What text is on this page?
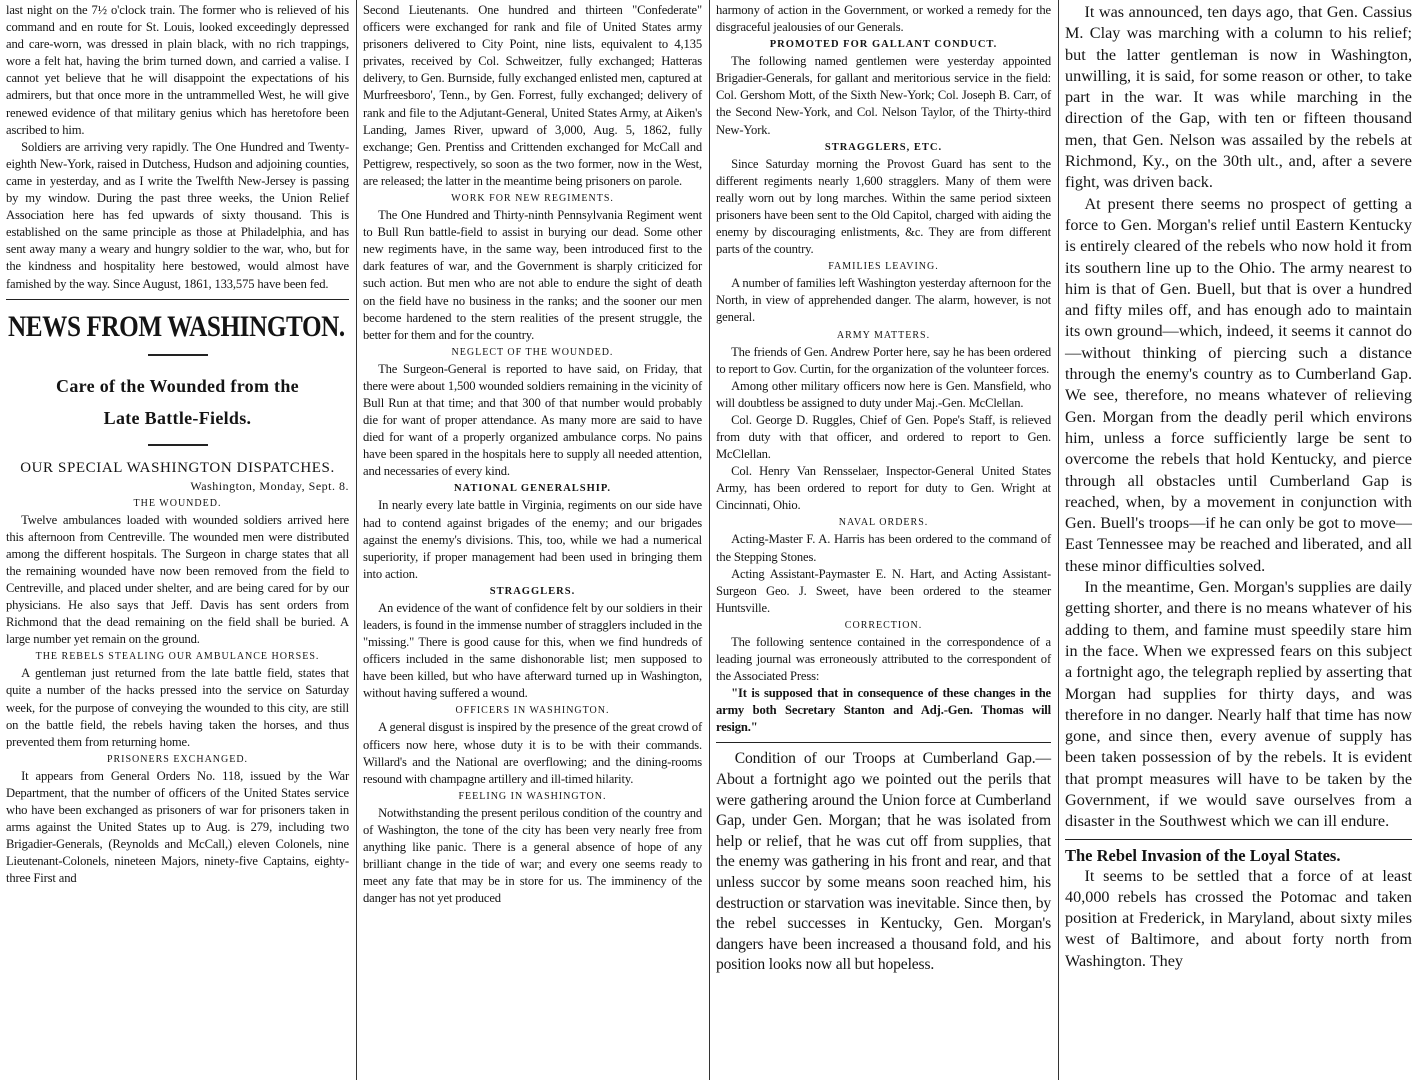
last night on the 7½ o'clock train. The former who is relieved of his command and en route for St. Louis, looked exceedingly depressed and care-worn, was dressed in plain black, with no rich trappings, wore a felt hat, having the brim turned down, and carried a valise. I cannot yet believe that he will disappoint the expectations of his admirers, but that once more in the untrammelled West, he will give renewed evidence of that military genius which has heretofore been ascribed to him.

Soldiers are arriving very rapidly. The One Hundred and Twenty-eighth New-York, raised in Dutchess, Hudson and adjoining counties, came in yesterday, and as I write the Twelfth New-Jersey is passing by my window. During the past three weeks, the Union Relief Association here has fed upwards of sixty thousand. This is established on the same principle as those at Philadelphia, and has sent away many a weary and hungry soldier to the war, who, but for the kindness and hospitality here bestowed, would almost have famished by the way. Since August, 1861, 133,575 have been fed.

NEWS FROM WASHINGTON.
Care of the Wounded from the
Late Battle-Fields.
OUR SPECIAL WASHINGTON DISPATCHES.
Washington, Monday, Sept. 8.
THE WOUNDED.

Twelve ambulances loaded with wounded soldiers arrived here this afternoon from Centreville. The wounded men were distributed among the different hospitals. The Surgeon in charge states that all the remaining wounded have now been removed from the field to Centreville, and placed under shelter, and are being cared for by our physicians. He also says that Jeff. Davis has sent orders from Richmond that the dead remaining on the field shall be buried. A large number yet remain on the ground.

THE REBELS STEALING OUR AMBULANCE HORSES.

A gentleman just returned from the late battle field, states that quite a number of the hacks pressed into the service on Saturday week, for the purpose of conveying the wounded to this city, are still on the battle field, the rebels having taken the horses, and thus prevented them from returning home.

PRISONERS EXCHANGED.

It appears from General Orders No. 118, issued by the War Department, that the number of officers of the United States service who have been exchanged as prisoners of war for prisoners taken in arms against the United States up to Aug. is 279, including two Brigadier-Generals, (Reynolds and McCall,) eleven Colonels, nine Lieutenant-Colonels, nineteen Majors, ninety-five Captains, eighty-three First and

Second Lieutenants. One hundred and thirteen "Confederate" officers were exchanged for rank and file of United States army prisoners delivered to City Point, nine lists, equivalent to 4,135 privates, received by Col. Schweitzer, fully exchanged; Hatteras delivery, to Gen. Burnside, fully exchanged enlisted men, captured at Murfreesboro', Tenn., by Gen. Forrest, fully exchanged; delivery of rank and file to the Adjutant-General, United States Army, at Aiken's Landing, James River, upward of 3,000, Aug. 5, 1862, fully exchange; Gen. Prentiss and Crittenden exchanged for McCall and Pettigrew, respectively, so soon as the two former, now in the West, are released; the latter in the meantime being prisoners on parole.

WORK FOR NEW REGIMENTS.

The One Hundred and Thirty-ninth Pennsylvania Regiment went to Bull Run battle-field to assist in burying our dead. Some other new regiments have, in the same way, been introduced first to the dark features of war, and the Government is sharply criticized for such action. But men who are not able to endure the sight of death on the field have no business in the ranks; and the sooner our men become hardened to the stern realities of the present struggle, the better for them and for the country.

NEGLECT OF THE WOUNDED.

The Surgeon-General is reported to have said, on Friday, that there were about 1,500 wounded soldiers remaining in the vicinity of Bull Run at that time; and that 300 of that number would probably die for want of proper attendance. As many more are said to have died for want of a properly organized ambulance corps. No pains have been spared in the hospitals here to supply all needed attention, and necessaries of every kind.

NATIONAL GENERALSHIP.

In nearly every late battle in Virginia, regiments on our side have had to contend against brigades of the enemy; and our brigades against the enemy's divisions. This, too, while we had a numerical superiority, if proper management had been used in bringing them into action.

STRAGGLERS.

An evidence of the want of confidence felt by our soldiers in their leaders, is found in the immense number of stragglers included in the "missing." There is good cause for this, when we find hundreds of officers included in the same dishonorable list; men supposed to have been killed, but who have afterward turned up in Washington, without having suffered a wound.

OFFICERS IN WASHINGTON.

A general disgust is inspired by the presence of the great crowd of officers now here, whose duty it is to be with their commands. Willard's and the National are overflowing; and the dining-rooms resound with champagne artillery and ill-timed hilarity.

FEELING IN WASHINGTON.

Notwithstanding the present perilous condition of the country and of Washington, the tone of the city has been very nearly free from anything like panic. There is a general absence of hope of any brilliant change in the tide of war; and every one seems ready to meet any fate that may be in store for us. The imminency of the danger has not yet produced

harmony of action in the Government, or worked a remedy for the disgraceful jealousies of our Generals.

PROMOTED FOR GALLANT CONDUCT.

The following named gentlemen were yesterday appointed Brigadier-Generals, for gallant and meritorious service in the field: Col. Gershom Mott, of the Sixth New-York; Col. Joseph B. Carr, of the Second New-York, and Col. Nelson Taylor, of the Thirty-third New-York.

STRAGGLERS, ETC.

Since Saturday morning the Provost Guard has sent to the different regiments nearly 1,600 stragglers. Many of them were really worn out by long marches. Within the same period sixteen prisoners have been sent to the Old Capitol, charged with aiding the enemy by discouraging enlistments, &c. They are from different parts of the country.

FAMILIES LEAVING.

A number of families left Washington yesterday afternoon for the North, in view of apprehended danger. The alarm, however, is not general.

ARMY MATTERS.

The friends of Gen. Andrew Porter here, say he has been ordered to report to Gov. Curtin, for the organization of the volunteer forces.

Among other military officers now here is Gen. Mansfield, who will doubtless be assigned to duty under Maj.-Gen. McClellan.

Col. George D. Ruggles, Chief of Gen. Pope's Staff, is relieved from duty with that officer, and ordered to report to Gen. McClellan.

Col. Henry Van Rensselaer, Inspector-General United States Army, has been ordered to report for duty to Gen. Wright at Cincinnati, Ohio.

NAVAL ORDERS.

Acting-Master F. A. Harris has been ordered to the command of the Stepping Stones.

Acting Assistant-Paymaster E. N. Hart, and Acting Assistant-Surgeon Geo. J. Sweet, have been ordered to the steamer Huntsville.

CORRECTION.

The following sentence contained in the correspondence of a leading journal was erroneously attributed to the correspondent of the Associated Press:

"It is supposed that in consequence of these changes in the army both Secretary Stanton and Adj.-Gen. Thomas will resign."

Condition of our Troops at Cumberland Gap.—About a fortnight ago we pointed out the perils that were gathering around the Union force at Cumberland Gap, under Gen. Morgan; that he was isolated from help or relief, that he was cut off from supplies, that the enemy was gathering in his front and rear, and that unless succor by some means soon reached him, his destruction or starvation was inevitable. Since then, by the rebel successes in Kentucky, Gen. Morgan's dangers have been increased a thousand fold, and his position looks now all but hopeless.

It was announced, ten days ago, that Gen. Cassius M. Clay was marching with a column to his relief; but the latter gentleman is now in Washington, unwilling, it is said, for some reason or other, to take part in the war. It was while marching in the direction of the Gap, with ten or fifteen thousand men, that Gen. Nelson was assailed by the rebels at Richmond, Ky., on the 30th ult., and, after a severe fight, was driven back.

At present there seems no prospect of getting a force to Gen. Morgan's relief until Eastern Kentucky is entirely cleared of the rebels who now hold it from its southern line up to the Ohio. The army nearest to him is that of Gen. Buell, but that is over a hundred and fifty miles off, and has enough ado to maintain its own ground—which, indeed, it seems it cannot do—without thinking of piercing such a distance through the enemy's country as to Cumberland Gap. We see, therefore, no means whatever of relieving Gen. Morgan from the deadly peril which environs him, unless a force sufficiently large be sent to overcome the rebels that hold Kentucky, and pierce through all obstacles until Cumberland Gap is reached, when, by a movement in conjunction with Gen. Buell's troops—if he can only be got to move—East Tennessee may be reached and liberated, and all these minor difficulties solved.

In the meantime, Gen. Morgan's supplies are daily getting shorter, and there is no means whatever of his adding to them, and famine must speedily stare him in the face. When we expressed fears on this subject a fortnight ago, the telegraph replied by asserting that Morgan had supplies for thirty days, and was therefore in no danger. Nearly half that time has now gone, and since then, every avenue of supply has been taken possession of by the rebels. It is evident that prompt measures will have to be taken by the Government, if we would save ourselves from a disaster in the Southwest which we can ill endure.

The Rebel Invasion of the Loyal States.

It seems to be settled that a force of at least 40,000 rebels has crossed the Potomac and taken position at Frederick, in Maryland, about sixty miles west of Baltimore, and about forty north from Washington. They
